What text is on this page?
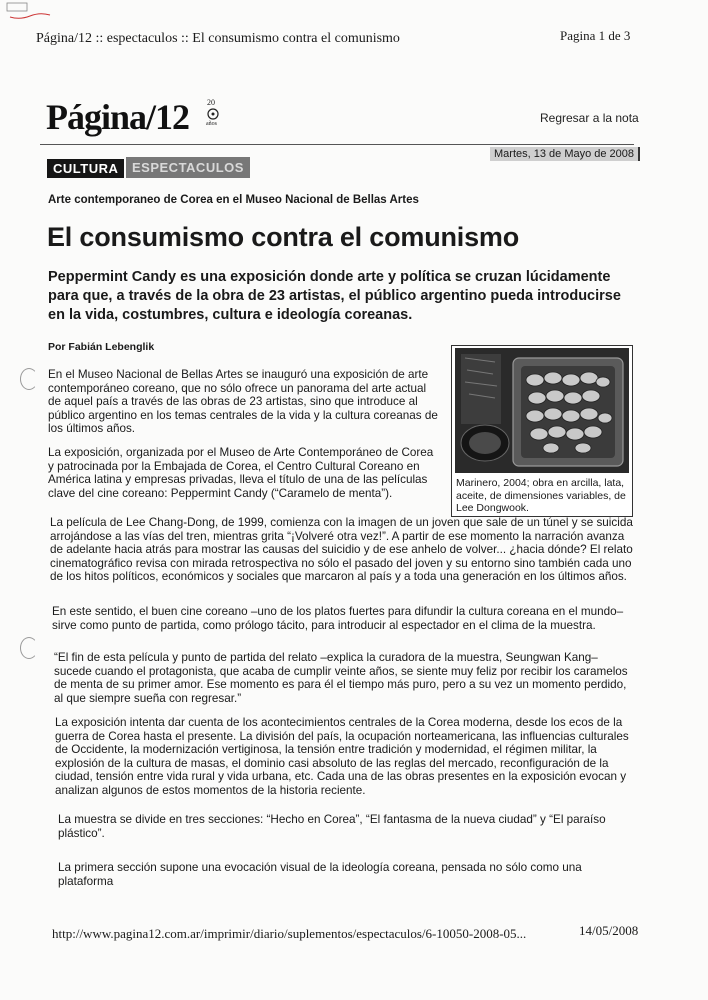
Página/12 :: espectaculos :: El consumismo contra el comunismo	Pagina 1 de 3
Página/12 20
años	Regresar a la nota
Martes, 13 de Mayo de 2008
CULTURA	ESPECTACULOS
Arte contemporaneo de Corea en el Museo Nacional de Bellas Artes
El consumismo contra el comunismo

Peppermint Candy es una exposición donde arte y política se cruzan lúcidamente para que, a través de la obra de 23 artistas, el público argentino pueda introducirse en la vida, costumbres, cultura e ideología coreanas.

Por Fabián Lebenglik

Marinero, 2004; obra en arcilla, lata, aceite, de dimensiones variables, de Lee Dongwook.

En el Museo Nacional de Bellas Artes se inauguró una exposición de arte contemporáneo coreano, que no sólo ofrece un panorama del arte actual de aquel país a través de las obras de 23 artistas, sino que introduce al público argentino en los temas centrales de la vida y la cultura coreanas de los últimos años.

La exposición, organizada por el Museo de Arte Contemporáneo de Corea y patrocinada por la Embajada de Corea, el Centro Cultural Coreano en América latina y empresas privadas, lleva el título de una de las películas clave del cine coreano: Peppermint Candy (“Caramelo de menta”).

La película de Lee Chang-Dong, de 1999, comienza con la imagen de un joven que sale de un túnel y se suicida arrojándose a las vías del tren, mientras grita “¡Volveré otra vez!”. A partir de ese momento la narración avanza de adelante hacia atrás para mostrar las causas del suicidio y de ese anhelo de volver... ¿hacia dónde? El relato cinematográfico revisa con mirada retrospectiva no sólo el pasado del joven y su entorno sino también cada uno de los hitos políticos, económicos y sociales que marcaron al país y a toda una generación en los últimos años.

En este sentido, el buen cine coreano –uno de los platos fuertes para difundir la cultura coreana en el mundo– sirve como punto de partida, como prólogo tácito, para introducir al espectador en el clima de la muestra.

“El fin de esta película y punto de partida del relato –explica la curadora de la muestra, Seungwan Kang– sucede cuando el protagonista, que acaba de cumplir veinte años, se siente muy feliz por recibir los caramelos de menta de su primer amor. Ese momento es para él el tiempo más puro, pero a su vez un momento perdido, al que siempre sueña con regresar.”

La exposición intenta dar cuenta de los acontecimientos centrales de la Corea moderna, desde los ecos de la guerra de Corea hasta el presente. La división del país, la ocupación norteamericana, las influencias culturales de Occidente, la modernización vertiginosa, la tensión entre tradición y modernidad, el régimen militar, la explosión de la cultura de masas, el dominio casi absoluto de las reglas del mercado, reconfiguración de la ciudad, tensión entre vida rural y vida urbana, etc. Cada una de las obras presentes en la exposición evocan y analizan algunos de estos momentos de la historia reciente.

La muestra se divide en tres secciones: “Hecho en Corea”, “El fantasma de la nueva ciudad” y “El paraíso plástico”.

La primera sección supone una evocación visual de la ideología coreana, pensada no sólo como una plataforma

http://www.pagina12.com.ar/imprimir/diario/suplementos/espectaculos/6-10050-2008-05...	14/05/2008
